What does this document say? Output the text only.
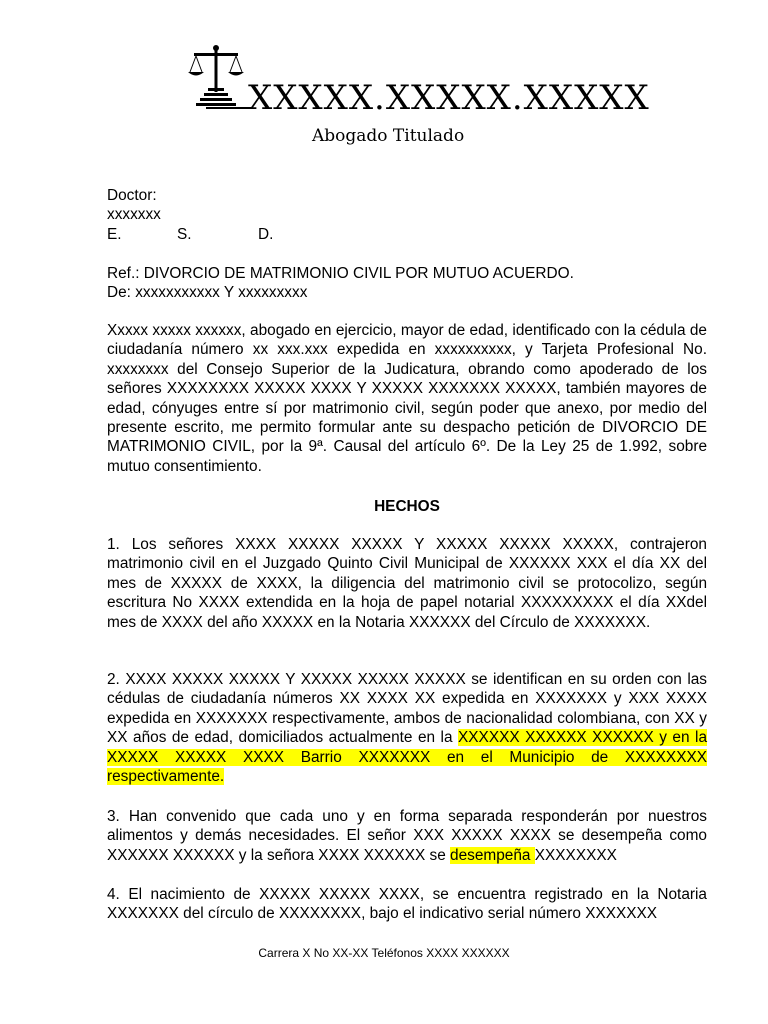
XXXXX.XXXXX.XXXXX
Abogado Titulado
Doctor:
xxxxxxx
E.	S.	D.
Ref.: DIVORCIO DE MATRIMONIO CIVIL POR MUTUO ACUERDO.
De: xxxxxxxxxxx Y xxxxxxxxx

Xxxxx xxxxx xxxxxx, abogado en ejercicio, mayor de edad, identificado con la cédula de ciudadanía número xx xxx.xxx expedida en xxxxxxxxxx, y Tarjeta Profesional No. xxxxxxxx del Consejo Superior de la Judicatura, obrando como apoderado de los señores XXXXXXXX XXXXX XXXX Y XXXXX XXXXXXX XXXXX, también mayores de edad, cónyuges entre sí por matrimonio civil, según poder que anexo, por medio del presente escrito, me permito formular ante su despacho petición de DIVORCIO DE MATRIMONIO CIVIL, por la 9ª. Causal del artículo 6º. De la Ley 25 de 1.992, sobre mutuo consentimiento.

HECHOS

1. Los señores XXXX XXXXX XXXXX Y XXXXX XXXXX XXXXX, contrajeron matrimonio civil en el Juzgado Quinto Civil Municipal de XXXXXX XXX el día XX del mes de XXXXX de XXXX, la diligencia del matrimonio civil se protocolizo, según escritura No XXXX extendida en la hoja de papel notarial XXXXXXXXX el día XXdel mes de XXXX del año XXXXX en la Notaria XXXXXX del Círculo de XXXXXXX.

2. XXXX XXXXX XXXXX Y XXXXX XXXXX XXXXX se identifican en su orden con las cédulas de ciudadanía números XX XXXX XX expedida en XXXXXXX y XXX XXXX expedida en XXXXXXX respectivamente, ambos de nacionalidad colombiana, con XX y XX años de edad, domiciliados actualmente en la XXXXXX XXXXXX XXXXXX y en la XXXXX XXXXX XXXX Barrio XXXXXXX en el Municipio de XXXXXXXX respectivamente.

3. Han convenido que cada uno y en forma separada responderán por nuestros alimentos y demás necesidades. El señor XXX XXXXX XXXX se desempeña como XXXXXX XXXXXX y la señora XXXX XXXXXX se desempeña XXXXXXXX

4. El nacimiento de XXXXX XXXXX XXXX, se encuentra registrado en la Notaria XXXXXXX del círculo de XXXXXXXX, bajo el indicativo serial número XXXXXXX

Carrera X No XX-XX Teléfonos XXXX XXXXXX
